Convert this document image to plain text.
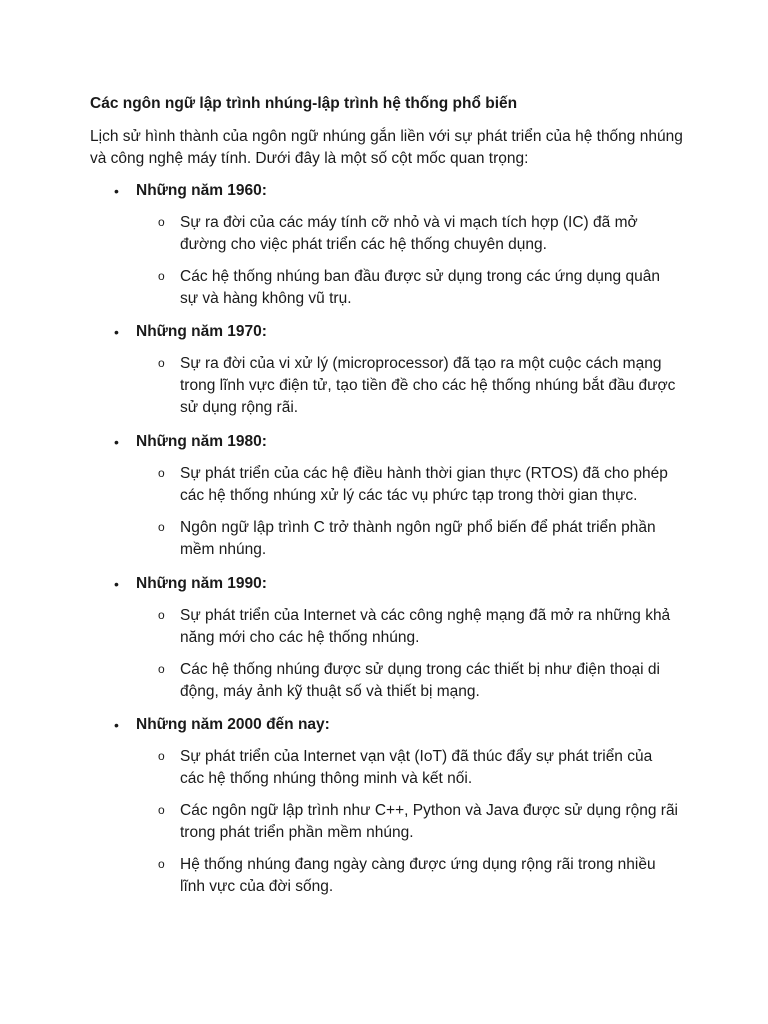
Các ngôn ngữ lập trình nhúng-lập trình hệ thống phổ biến

Lịch sử hình thành của ngôn ngữ nhúng gắn liền với sự phát triển của hệ thống nhúng và công nghệ máy tính. Dưới đây là một số cột mốc quan trọng:

• Những năm 1960:
o Sự ra đời của các máy tính cỡ nhỏ và vi mạch tích hợp (IC) đã mở đường cho việc phát triển các hệ thống chuyên dụng.
o Các hệ thống nhúng ban đầu được sử dụng trong các ứng dụng quân sự và hàng không vũ trụ.
• Những năm 1970:
o Sự ra đời của vi xử lý (microprocessor) đã tạo ra một cuộc cách mạng trong lĩnh vực điện tử, tạo tiền đề cho các hệ thống nhúng bắt đầu được sử dụng rộng rãi.
• Những năm 1980:
o Sự phát triển của các hệ điều hành thời gian thực (RTOS) đã cho phép các hệ thống nhúng xử lý các tác vụ phức tạp trong thời gian thực.
o Ngôn ngữ lập trình C trở thành ngôn ngữ phổ biến để phát triển phần mềm nhúng.
• Những năm 1990:
o Sự phát triển của Internet và các công nghệ mạng đã mở ra những khả năng mới cho các hệ thống nhúng.
o Các hệ thống nhúng được sử dụng trong các thiết bị như điện thoại di động, máy ảnh kỹ thuật số và thiết bị mạng.
• Những năm 2000 đến nay:
o Sự phát triển của Internet vạn vật (IoT) đã thúc đẩy sự phát triển của các hệ thống nhúng thông minh và kết nối.
o Các ngôn ngữ lập trình như C++, Python và Java được sử dụng rộng rãi trong phát triển phần mềm nhúng.
o Hệ thống nhúng đang ngày càng được ứng dụng rộng rãi trong nhiều lĩnh vực của đời sống.
